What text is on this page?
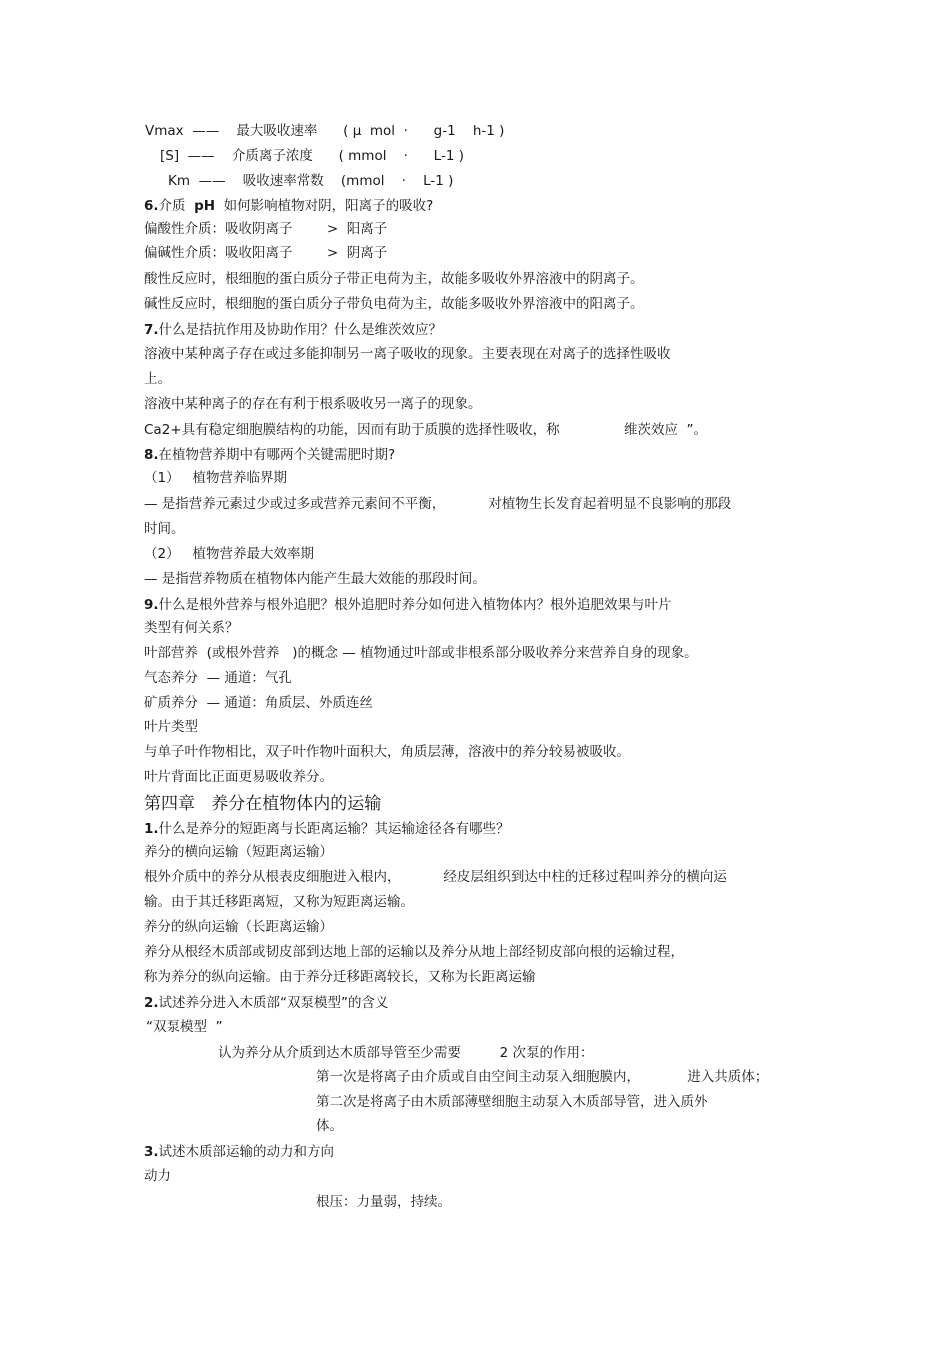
Vmax  ——    最大吸收速率      ( μ  mol  ·      g-1    h-1 )
[S]  ——    介质离子浓度      ( mmol    ·      L-1 )
Km  ——    吸收速率常数    (mmol    ·    L-1 )
6.介质  pH  如何影响植物对阴，阳离子的吸收?
偏酸性介质：吸收阴离子        >  阳离子
偏碱性介质：吸收阳离子        >  阴离子
酸性反应时，根细胞的蛋白质分子带正电荷为主，故能多吸收外界溶液中的阴离子。
碱性反应时，根细胞的蛋白质分子带负电荷为主，故能多吸收外界溶液中的阳离子。
7.什么是拮抗作用及协助作用？什么是维茨效应？
溶液中某种离子存在或过多能抑制另一离子吸收的现象。主要表现在对离子的选择性吸收
上。
溶液中某种离子的存在有利于根系吸收另一离子的现象。
Ca2+具有稳定细胞膜结构的功能，因而有助于质膜的选择性吸收，称               维茨效应  ”。
8.在植物营养期中有哪两个关键需肥时期?
（1）   植物营养临界期
— 是指营养元素过少或过多或营养元素间不平衡，          对植物生长发育起着明显不良影响的那段
时间。
（2）   植物营养最大效率期
— 是指营养物质在植物体内能产生最大效能的那段时间。
9.什么是根外营养与根外追肥？根外追肥时养分如何进入植物体内？根外追肥效果与叶片
类型有何关系？
叶部营养  (或根外营养   )的概念 — 植物通过叶部或非根系部分吸收养分来营养自身的现象。
气态养分  — 通道：气孔
矿质养分  — 通道：角质层、外质连丝
叶片类型
与单子叶作物相比，双子叶作物叶面积大，角质层薄，溶液中的养分较易被吸收。
叶片背面比正面更易吸收养分。
第四章   养分在植物体内的运输
1.什么是养分的短距离与长距离运输？其运输途径各有哪些？
养分的横向运输（短距离运输）
根外介质中的养分从根表皮细胞进入根内，          经皮层组织到达中柱的迁移过程叫养分的横向运
输。由于其迁移距离短，又称为短距离运输。
养分的纵向运输（长距离运输）
养分从根经木质部或韧皮部到达地上部的运输以及养分从地上部经韧皮部向根的运输过程，
称为养分的纵向运输。由于养分迁移距离较长，又称为长距离运输
2.试述养分进入木质部“双泵模型”的含义
“双泵模型  ”
认为养分从介质到达木质部导管至少需要         2 次泵的作用：
第一次是将离子由介质或自由空间主动泵入细胞膜内，           进入共质体；
第二次是将离子由木质部薄壁细胞主动泵入木质部导管，进入质外
体。
3.试述木质部运输的动力和方向
动力
根压：力量弱，持续。
